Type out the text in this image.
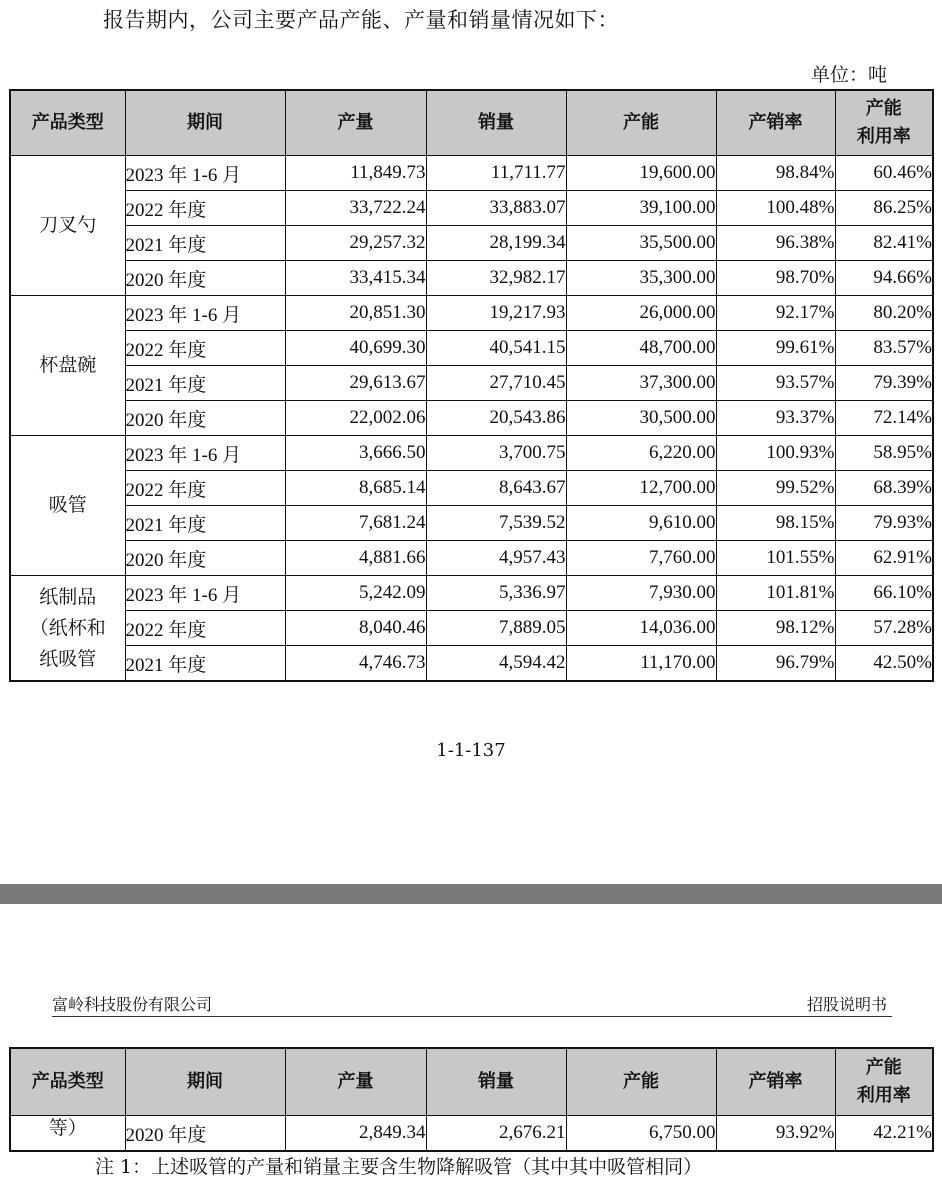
报告期内，公司主要产品产能、产量和销量情况如下：
单位：吨
产品类型	期间	产量	销量	产能	产销率	产能
利用率

刀叉勺	2023 年 1-6 月	11,849.73	11,711.77	19,600.00	98.84%	60.46%
	2022 年度	33,722.24	33,883.07	39,100.00	100.48%	86.25%
	2021 年度	29,257.32	28,199.34	35,500.00	96.38%	82.41%
	2020 年度	33,415.34	32,982.17	35,300.00	98.70%	94.66%

杯盘碗	2023 年 1-6 月	20,851.30	19,217.93	26,000.00	92.17%	80.20%
	2022 年度	40,699.30	40,541.15	48,700.00	99.61%	83.57%
	2021 年度	29,613.67	27,710.45	37,300.00	93.57%	79.39%
	2020 年度	22,002.06	20,543.86	30,500.00	93.37%	72.14%

吸管	2023 年 1-6 月	3,666.50	3,700.75	6,220.00	100.93%	58.95%
	2022 年度	8,685.14	8,643.67	12,700.00	99.52%	68.39%
	2021 年度	7,681.24	7,539.52	9,610.00	98.15%	79.93%
	2020 年度	4,881.66	4,957.43	7,760.00	101.55%	62.91%

纸制品
（纸杯和
纸吸管	2023 年 1-6 月	5,242.09	5,336.97	7,930.00	101.81%	66.10%
	2022 年度	8,040.46	7,889.05	14,036.00	98.12%	57.28%
	2021 年度	4,746.73	4,594.42	11,170.00	96.79%	42.50%
1-1-137
富岭科技股份有限公司	招股说明书
产品类型	期间	产量	销量	产能	产销率	产能
利用率
等）	2020 年度	2,849.34	2,676.21	6,750.00	93.92%	42.21%
注 1：上述吸管的产量和销量主要含生物降解吸管（其中其中吸管相同）
